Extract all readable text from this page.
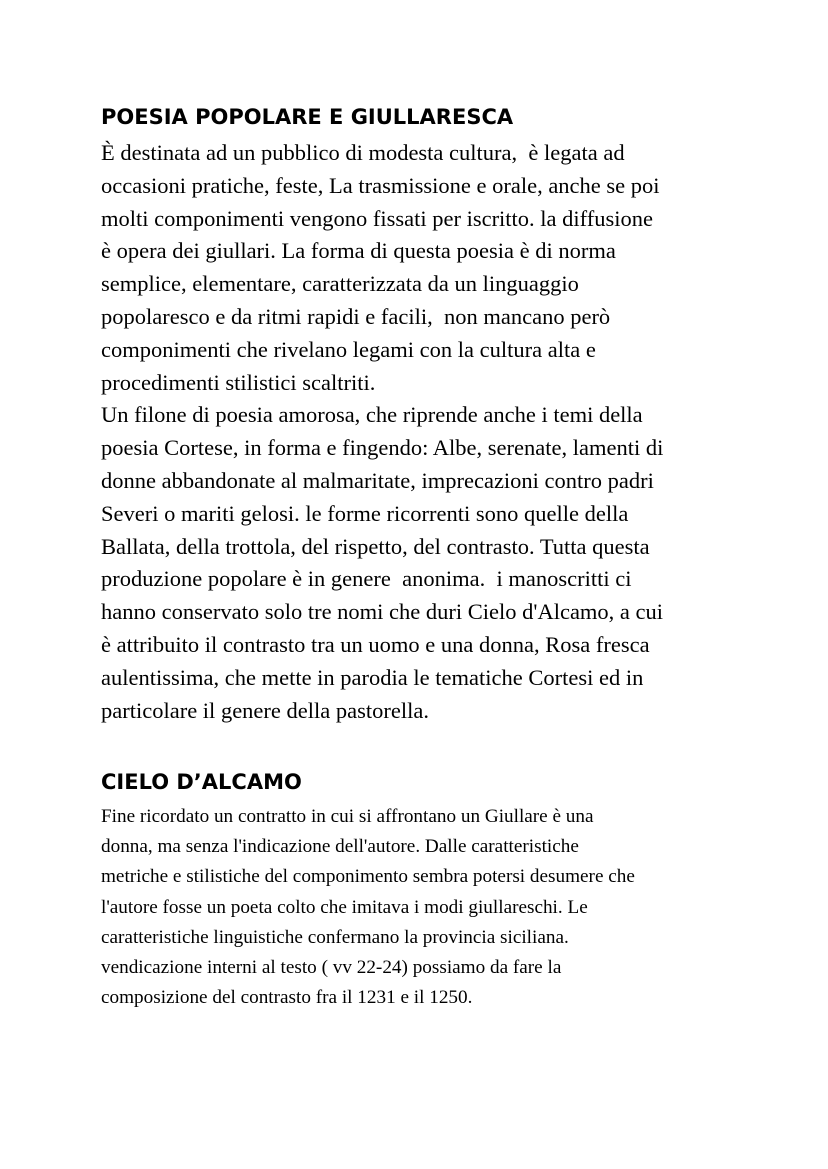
POESIA POPOLARE E GIULLARESCA
È destinata ad un pubblico di modesta cultura,  è legata ad
occasioni pratiche, feste, La trasmissione e orale, anche se poi
molti componimenti vengono fissati per iscritto. la diffusione
è opera dei giullari. La forma di questa poesia è di norma
semplice, elementare, caratterizzata da un linguaggio
popolaresco e da ritmi rapidi e facili,  non mancano però
componimenti che rivelano legami con la cultura alta e
procedimenti stilistici scaltriti.
Un filone di poesia amorosa, che riprende anche i temi della
poesia Cortese, in forma e fingendo: Albe, serenate, lamenti di
donne abbandonate al malmaritate, imprecazioni contro padri
Severi o mariti gelosi. le forme ricorrenti sono quelle della
Ballata, della trottola, del rispetto, del contrasto. Tutta questa
produzione popolare è in genere  anonima.  i manoscritti ci
hanno conservato solo tre nomi che duri Cielo d'Alcamo, a cui
è attribuito il contrasto tra un uomo e una donna, Rosa fresca
aulentissima, che mette in parodia le tematiche Cortesi ed in
particolare il genere della pastorella.
CIELO D’ALCAMO
Fine ricordato un contratto in cui si affrontano un Giullare è una
donna, ma senza l'indicazione dell'autore. Dalle caratteristiche
metriche e stilistiche del componimento sembra potersi desumere che
l'autore fosse un poeta colto che imitava i modi giullareschi. Le
caratteristiche linguistiche confermano la provincia siciliana.
vendicazione interni al testo ( vv 22-24) possiamo da fare la
composizione del contrasto fra il 1231 e il 1250.
